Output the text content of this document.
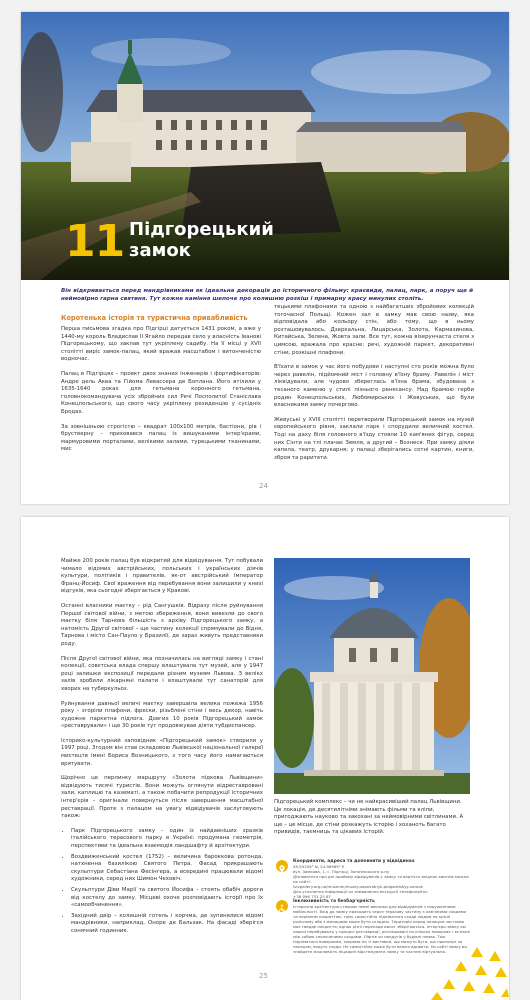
11 Підгорецький
замок
Він відкривається перед мандрівниками як ідеальна декорація до історичного фільму: краєвиди, палац, парк, а поруч ще й неймовірно гарна святиня. Тут кожне каміння шепоче про колишню розкіш і примарну красу минулих століть.
Коротенька історія та туристична привабливість

Перша письмова згадка про Підгірці датується 1431 роком, а вже у 1440-му король Владислав ІІ Ягайло передав село у власність Іванові Підгорецькому, що заклав тут укріплену садибу. На її місці у XVII столітті виріс замок-палац, який вражав масштабом і витонченістю водночас.

Палац в Підгірцях – проект двох знаних інженерів і фортифікаторів: Андре дель Аква та Гійома Левассера де Боплана. Його втілили у 1635-1640 роках для гетьмана коронного гетьмана, головнокомандувача усіх збройних сил Речі Посполитої Станіслава Конецпольського, що свого часу укріплену резиденцію у сусідніх Бродах.

За зовнішньою строгістю – квадрат 100х100 метрів, бастіони, рів і брустверну – приховався палац із вишуканими інтер'єрами, мармуровими порталами, велікими залами, турецькими тканинами, мис

тецькими плафонами та одною з найбагатших збройових колекцій тогочасної Польщі. Кожен зал в замку мав свою назву, яка відповідала або кольору стін, або тому, що в ньому розташовувалось. Дзеркальна, Лицарська, Золота, Кармазинова, Китайська, Зелена, Жовта зали. Все тут, кожна візерунчаста стеля з цимсою, вражала про красне: речі, художній паркет, декоративні стіни, розкішні плафони.

В'їхати в замок у час його побудови і наступні сто років можна було через равелін, підйомний міст і головну в'їзну браму. Равелін і міст ліквідували, але чудово збереглась в'їзна брама, збудована з тесаного каменю у стилі пізнього ренесансу. Над брамою герби родин Конецпольських, Любомирських і Жевуських, що були власниками замку почергово.

Жевуські у XVIII столітті перетворили Підгорецький замок на музей європейського рівня, заклали парк і спорудили величний костел. Тоді на даху біля головного в'їзду стояли 10 кам'яних фігур, серед них Сінти на тлі плачає Земля, а другий – Вознеся. При замку діяли капела, театр, друкарня; у палаці зберігались сотні картин, книги, зброя та раритети.

24

Майже 200 років палац був відкритий для відвідування. Тут побували чимало відомих австрійських, польських і українських діячів культури, політиків і правителів, як-от австрійський імператор Франц-Йосиф. Свої враження від перебування вони залишили у книзі відгуків, яка сьогодні зберігається у Кракові.

Останні власники маєтку – рід Сангушків. Відразу після руйнування Першої світової війни, з метою збереження, вони вивезли до свого маєтку біля Тарнова більшість з архіву Підгорецького замку, а натомість Другої світової – ще частину колекції спрямували до Відня, Тарнова і місто Сан-Пауло у Бразилії, де зараз живуть представники роду.

Після Другої світової війни, яка позначилась на вигляді замку і стані колекції, совєтська влада спершу влаштувала тут музей, але у 1947 році залишки експозиції передали різним музеям Львова. З велікх залів зробили лікарняні палати і влаштували тут санаторій для хворих на туберкульоз.

Руйнування давньої величі маєтку завершила велика пожежа 1956 року – згоріли плафони, фрески, різьблені стіни і весь декор, навіть художнє паркетна підлога. Довгих 10 років Підгорецький замок «реставрували» і ще 30 років тут продовжував діяти тубдиспансер.

Історико-культурний заповідник «Підгорецький замок» створили у 1997 році. Згодом він став складовою Львівської національної галереї мистецтв імені Бориса Возницького, з того часу його намагаються врятувати.

Щорічно це перлинку маршруту «Золота підкова Львівщини» відвідують тисячі туристів. Вони можуть оглянути відреставровані зали, каплицю та казематі, а також побачити репродукції історичних інтер'єрів – оригінали повернуться після завершення масштабної реставрації. Проте з палацом на увагу відвідувачів заслуговують також:

• Парк Підгорецького замку – один із найдавніших зразків італійського терасового парку в Україні: продумана геометрія, перспективи та ідеальна взаємодія ландшафту й архітектури.
• Воздвиженський костел (1752) – величина бароккова ротонда, натхненна базилікою Святого Петра. Фасад прикрашають скульптури Себастіана Фесінгера, а всередині працювали відомі художники, серед них Шимон Чеховіч.
• Скульптури Діви Марії та святого Йосифа – стоять обабіч дороги від костелу до замку. Місцеві охоче розповідають історії про їх «самообчинення».
• Західний двір – колишній готель і корчма, де зупинялися відомі мандрівники, наприклад, Оноре де Бальзак. На фасаді зберігся сонячний годинник.
Підгорецький комплекс – чи не найкрасивіший палац Львівщини. Це локація, де десятилітніми знімають фільми та кліпи, пригоджають науково та закохані за неймовірними світлинами. А ще – це місце, де стіни розкажуть історію і хоханоть багато привидів, таємниць та цікавих історій.
Координати, адреса та доповнити у відвідинах
49.94109° N, 24.96969° E
вул. Замкова, 1, с. Підгірці, Золочівського р-ну
Дізнаватися про дні прийому відвідувачів у замку та вартість вхідних квитків можна на сайті:
lvivgallery.org.ua/museum/muzey-zapovidnyk-pidgoretskyy-zamok
Для уточнення інформації чи замовлення екскурсії телефонуйте:
+38 096 731 33 67
Інклюзивність та безбар'єрність
Історична архітектура створює певні виклики для відвідувачів з порушеннями мобільності. Вхід до замку проходить через терасову частину з кам'яними сходами та нерівним покриттям, тому самостійно підніматися сходи людям на кріслі колісному або з милицями може бути складно. Територія перед палацом частково має тверде покриття, однак різні перепади висот зберігаються. Інтер'єри замку які наразі перебувають у процесі реставрації, розташовані на кількох поверхах і зв'язані між собою сполоченими сходами. Ліфтів чи пандусів у будівлі немає. Тож підніматися поверхами, зокрема на ті виставки, що можуть бути, що пропонує за палацом, ведуть сходи. Не самостійно може бути важко вдивати. На сайті замку ви знайдете можливість ніцидоні відстежувати замку та частині віртуально.
25
